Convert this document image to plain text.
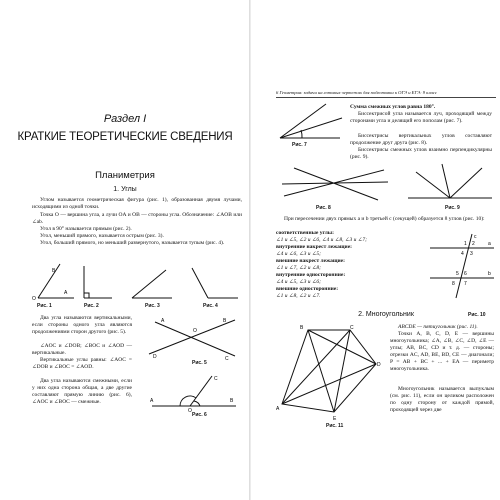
Раздел I
КРАТКИЕ ТЕОРЕТИЧЕСКИЕ СВЕДЕНИЯ
Планиметрия
1. Углы
Углом называется геометрическая фигура (рис. 1), образованная двумя лучами, исходящими из одной точки.
Точка O — вершина угла, а лучи OA и OB — стороны угла. Обозначение: ∠AOB или ∠ab.
Угол в 90° называется прямым (рис. 2).
Угол, меньший прямого, называется острым (рис. 3).
Угол, больший прямого, но меньший развернутого, называется тупым (рис. 4).
O
A
B
Рис. 1	Рис. 2	Рис. 3	Рис. 4
Два угла называются вертикальными, если стороны одного угла являются продолжениями сторон другого (рис. 5).
∠AOC и ∠DOB; ∠BOC и ∠AOD — вертикальные.
Вертикальные углы равны: ∠AOC = ∠DOB и ∠BOC = ∠AOD.
Два угла называются смежными, если у них одна сторона общая, а две другие составляют прямую линию (рис. 6), ∠AOC и ∠BOC — смежные.
A	B
O
D	C
Рис. 5
A
O
B
C
Рис. 6
6 Геометрия: задачи на готовых чертежах для подготовки к ОГЭ и ЕГЭ: 9 класс
Рис. 7
Сумма смежных углов равна 180°.
Биссектрисой угла называется луч, проходящий между сторонами угла и делящий его пополам (рис. 7).
Биссектрисы вертикальных углов составляют продолжение друг друга (рис. 8).
Биссектрисы смежных углов взаимно перпендикулярны (рис. 9).
Рис. 8	Рис. 9
При пересечении двух прямых a и b третьей c (секущей) образуется 8 углов (рис. 10):
соответственные углы:
∠1 и ∠5, ∠2 и ∠6, ∠4 и ∠8, ∠3 и ∠7;
внутренние накрест лежащие:
∠4 и ∠6, ∠3 и ∠5;
внешние накрест лежащие:
∠1 и ∠7, ∠2 и ∠8;
внутренние односторонние:
∠4 и ∠5, ∠3 и ∠6;
внешние односторонние:
∠1 и ∠8, ∠2 и ∠7.
a
b
c
1 2
4 3
5 6
8 7
Рис. 10
2. Многоугольник
A
B	C
D
E
Рис. 11
ABCDE — пятиугольник (рис. 11).
Точки A, B, C, D, E — вершины многоугольника; ∠A, ∠B, ∠C, ∠D, ∠E — углы; AB, BC, CD и т. д. — стороны; отрезки AC, AD, BE, BD, CE — диагонали; P = AB + BC + ... + EA — периметр многоугольника.
Многоугольник называется выпуклым (см. рис. 11), если он целиком расположен по одну сторону от каждой прямой, проходящей через две
